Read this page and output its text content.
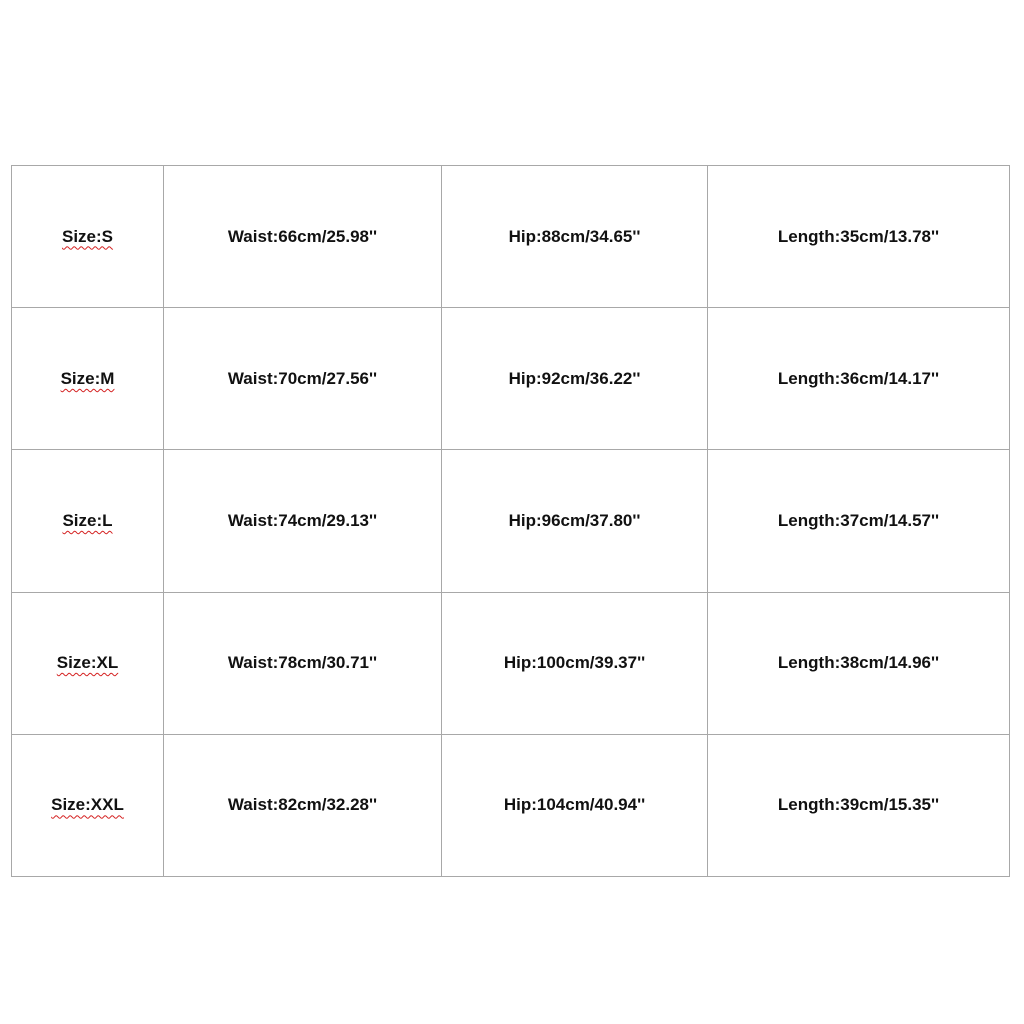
Size:S	Waist:66cm/25.98''	Hip:88cm/34.65''	Length:35cm/13.78''
Size:M	Waist:70cm/27.56''	Hip:92cm/36.22''	Length:36cm/14.17''
Size:L	Waist:74cm/29.13''	Hip:96cm/37.80''	Length:37cm/14.57''
Size:XL	Waist:78cm/30.71''	Hip:100cm/39.37''	Length:38cm/14.96''
Size:XXL	Waist:82cm/32.28''	Hip:104cm/40.94''	Length:39cm/15.35''
